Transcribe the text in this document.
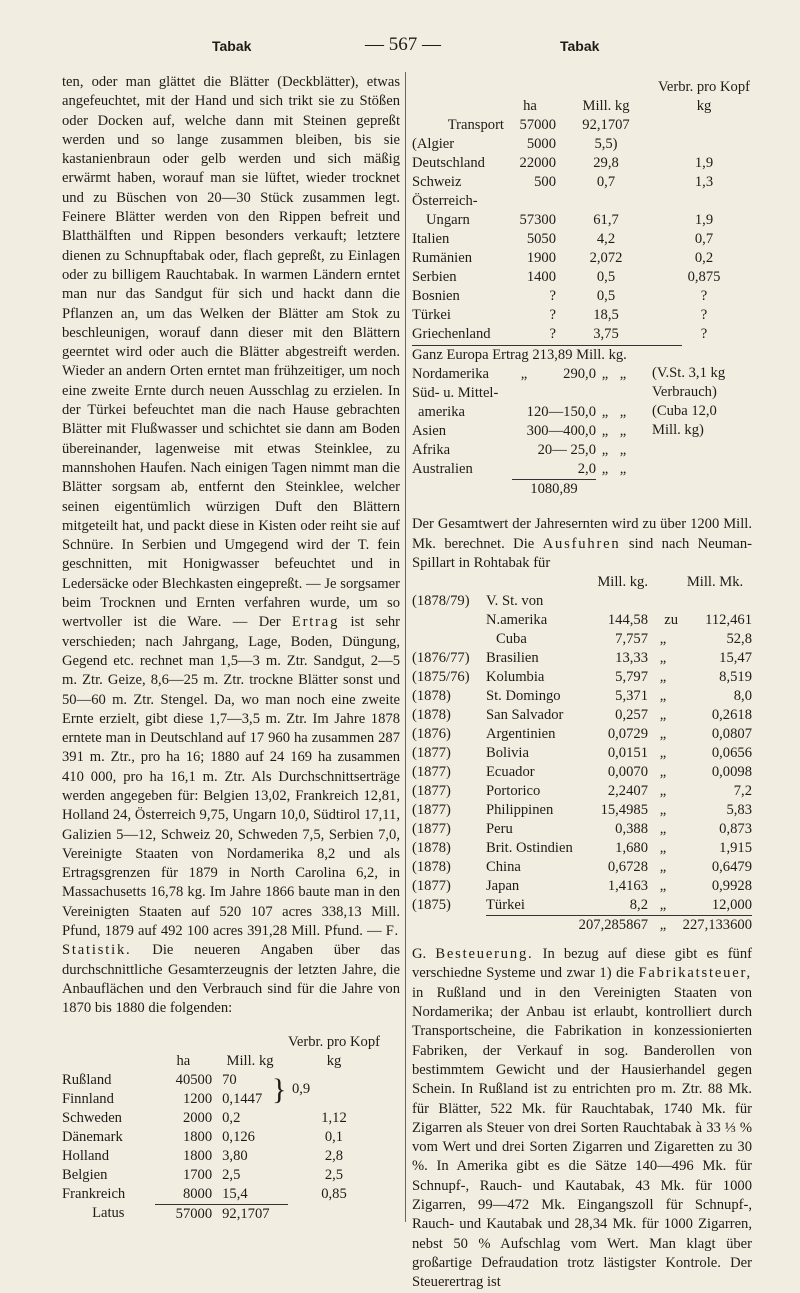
Tabak	— 567 —	Tabak

ten, oder man glättet die Blätter (Deckblätter), etwas angefeuchtet, mit der Hand und sich trikt sie zu Stößen oder Docken auf, welche dann mit Steinen gepreßt werden und so lange zusammen bleiben, bis sie kastanienbraun oder gelb werden und sich mäßig erwärmt haben, worauf man sie lüftet, wieder trocknet und zu Büschen von 20—30 Stück zusammen legt. Feinere Blätter werden von den Rippen befreit und Blatthälften und Rippen besonders verkauft; letztere dienen zu Schnupftabak oder, flach gepreßt, zu Einlagen oder zu billigem Rauchtabak. In warmen Ländern erntet man nur das Sandgut für sich und hackt dann die Pflanzen an, um das Welken der Blätter am Stok zu beschleunigen, worauf dann dieser mit den Blättern geerntet wird oder auch die Blätter abgestreift werden. Wieder an andern Orten erntet man frühzeitiger, um noch eine zweite Ernte durch neuen Ausschlag zu erzielen. In der Türkei befeuchtet man die nach Hause gebrachten Blätter mit Flußwasser und schichtet sie dann am Boden übereinander, lagenweise mit etwas Steinklee, zu mannshohen Haufen. Nach einigen Tagen nimmt man die Blätter sorgsam ab, entfernt den Steinklee, welcher seinen eigentümlich würzigen Duft den Blättern mitgeteilt hat, und packt diese in Kisten oder reiht sie auf Schnüre. In Serbien und Umgegend wird der T. fein geschnitten, mit Honigwasser befeuchtet und in Ledersäcke oder Blechkasten eingepreßt. — Je sorgsamer beim Trocknen und Ernten verfahren wurde, um so wertvoller ist die Ware. — Der Ertrag ist sehr verschieden; nach Jahrgang, Lage, Boden, Düngung, Gegend etc. rechnet man 1,5—3 m. Ztr. Sandgut, 2—5 m. Ztr. Geize, 8,6—25 m. Ztr. trockne Blätter sonst und 50—60 m. Ztr. Stengel. Da, wo man noch eine zweite Ernte erzielt, gibt diese 1,7—3,5 m. Ztr. Im Jahre 1878 erntete man in Deutschland auf 17 960 ha zusammen 287 391 m. Ztr., pro ha 16; 1880 auf 24 169 ha zusammen 410 000, pro ha 16,1 m. Ztr. Als Durchschnittserträge werden angegeben für: Belgien 13,02, Frankreich 12,81, Holland 24, Österreich 9,75, Ungarn 10,0, Südtirol 17,11, Galizien 5—12, Schweiz 20, Schweden 7,5, Serbien 7,0, Vereinigte Staaten von Nordamerika 8,2 und als Ertragsgrenzen für 1879 in North Carolina 6,2, in Massachusetts 16,78 kg. Im Jahre 1866 baute man in den Vereinigten Staaten auf 520 107 acres 338,13 Mill. Pfund, 1879 auf 492 100 acres 391,28 Mill. Pfund. — F. Statistik. Die neueren Angaben über das durchschnittliche Gesamterzeugnis der letzten Jahre, die Anbauflächen und den Verbrauch sind für die Jahre von 1870 bis 1880 die folgenden:

			Verbr. pro Kopf
	ha	Mill. kg	kg
Rußland	40500	70	} 0,9
Finnland	1200	0,1447	
Schweden	2000	0,2	1,12
Dänemark	1800	0,126	0,1
Holland	1800	3,80	2,8
Belgien	1700	2,5	2,5
Frankreich	8000	15,4	0,85
Latus	57000	92,1707	
			Verbr. pro Kopf
	ha	Mill. kg	kg
Transport	57000	92,1707	
(Algier	5000	5,5)	
Deutschland	22000	29,8	1,9
Schweiz	500	0,7	1,3
Österreich-			
Ungarn	57300	61,7	1,9
Italien	5050	4,2	0,7
Rumänien	1900	2,072	0,2
Serbien	1400	0,5	0,875
Bosnien	?	0,5	?
Türkei	?	18,5	?
Griechenland	?	3,75	?
Ganz Europa Ertrag 213,89 Mill. kg.
Nordamerika	„	290,0	„	„
Süd- u. Mittel-				
amerika	120—150,0		„	„
Asien	300—400,0		„	„
Afrika	20— 25,0		„	„
Australien	2,0		„	„
	1080,89			
(V.St. 3,1 kg
Verbrauch)
(Cuba 12,0
Mill. kg)

Der Gesamtwert der Jahresernten wird zu über 1200 Mill. Mk. berechnet. Die Ausfuhren sind nach Neuman-Spillart in Rohtabak für

		Mill. kg.		Mill. Mk.
(1878/79)	V. St. von			
	N.amerika	144,58	zu	112,461
	Cuba	7,757	„	52,8
(1876/77)	Brasilien	13,33	„	15,47
(1875/76)	Kolumbia	5,797	„	8,519
(1878)	St. Domingo	5,371	„	8,0
(1878)	San Salvador	0,257	„	0,2618
(1876)	Argentinien	0,0729	„	0,0807
(1877)	Bolivia	0,0151	„	0,0656
(1877)	Ecuador	0,0070	„	0,0098
(1877)	Portorico	2,2407	„	7,2
(1877)	Philippinen	15,4985	„	5,83
(1877)	Peru	0,388	„	0,873
(1878)	Brit. Ostindien	1,680	„	1,915
(1878)	China	0,6728	„	0,6479
(1877)	Japan	1,4163	„	0,9928
(1875)	Türkei	8,2	„	12,000
	207,285867		„	227,133600

G. Besteuerung. In bezug auf diese gibt es fünf verschiedne Systeme und zwar 1) die Fabrikatsteuer, in Rußland und in den Vereinigten Staaten von Nordamerika; der Anbau ist erlaubt, kontrolliert durch Transportscheine, die Fabrikation in konzessionierten Fabriken, der Verkauf in sog. Banderollen von bestimmtem Gewicht und der Hausierhandel gegen Schein. In Rußland ist zu entrichten pro m. Ztr. 88 Mk. für Blätter, 522 Mk. für Rauchtabak, 1740 Mk. für Zigarren als Steuer von drei Sorten Rauchtabak à 33 ⅓ % vom Wert und drei Sorten Zigarren und Zigaretten zu 30 %. In Amerika gibt es die Sätze 140—496 Mk. für Schnupf-, Rauch- und Kautabak, 43 Mk. für 1000 Zigarren, 99—472 Mk. Eingangszoll für Schnupf-, Rauch- und Kautabak und 28,34 Mk. für 1000 Zigarren, nebst 50 % Aufschlag vom Wert. Man klagt über großartige Defraudation trotz lästigster Kontrole. Der Steuerertrag ist
